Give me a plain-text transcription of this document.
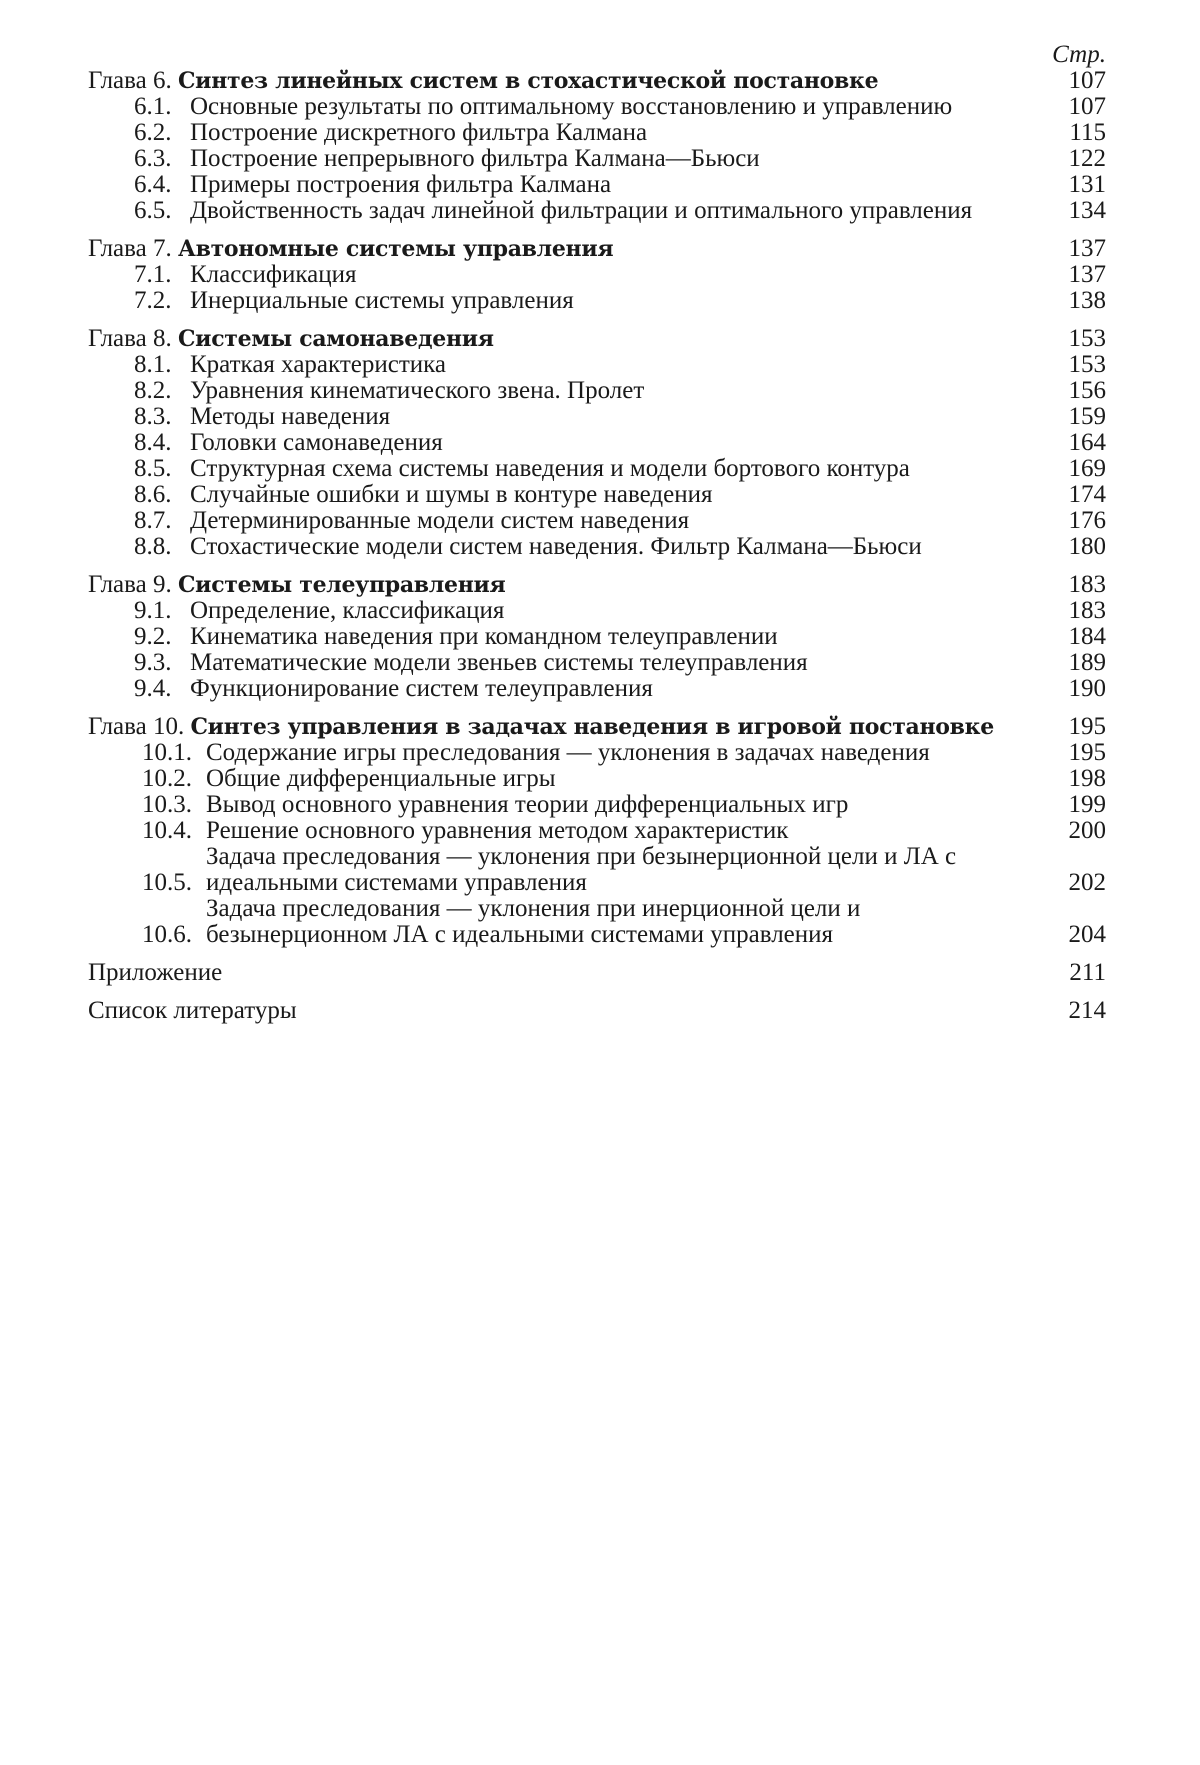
Стр.
Глава 6. Синтез линейных систем в стохастической постановке	107
6.1. Основные результаты по оптимальному восстановлению и управлению	107
6.2. Построение дискретного фильтра Калмана	115
6.3. Построение непрерывного фильтра Калмана—Бьюси	122
6.4. Примеры построения фильтра Калмана	131
6.5. Двойственность задач линейной фильтрации и оптимального управления	134
Глава 7. Автономные системы управления	137
7.1. Классификация	137
7.2. Инерциальные системы управления	138
Глава 8. Системы самонаведения	153
8.1. Краткая характеристика	153
8.2. Уравнения кинематического звена. Пролет	156
8.3. Методы наведения	159
8.4. Головки самонаведения	164
8.5. Структурная схема системы наведения и модели бортового контура	169
8.6. Случайные ошибки и шумы в контуре наведения	174
8.7. Детерминированные модели систем наведения	176
8.8. Стохастические модели систем наведения. Фильтр Калмана—Бьюси	180
Глава 9. Системы телеуправления	183
9.1. Определение, классификация	183
9.2. Кинематика наведения при командном телеуправлении	184
9.3. Математические модели звеньев системы телеуправления	189
9.4. Функционирование систем телеуправления	190
Глава 10. Синтез управления в задачах наведения в игровой постановке	195
10.1. Содержание игры преследования — уклонения в задачах наведения	195
10.2. Общие дифференциальные игры	198
10.3. Вывод основного уравнения теории дифференциальных игр	199
10.4. Решение основного уравнения методом характеристик	200
10.5.
Задача преследования — уклонения при безынерционной цели и ЛА с идеальными системами управления	202
10.6.
Задача преследования — уклонения при инерционной цели и безынерционном ЛА с идеальными системами управления	204
Приложение	211
Список литературы	214
